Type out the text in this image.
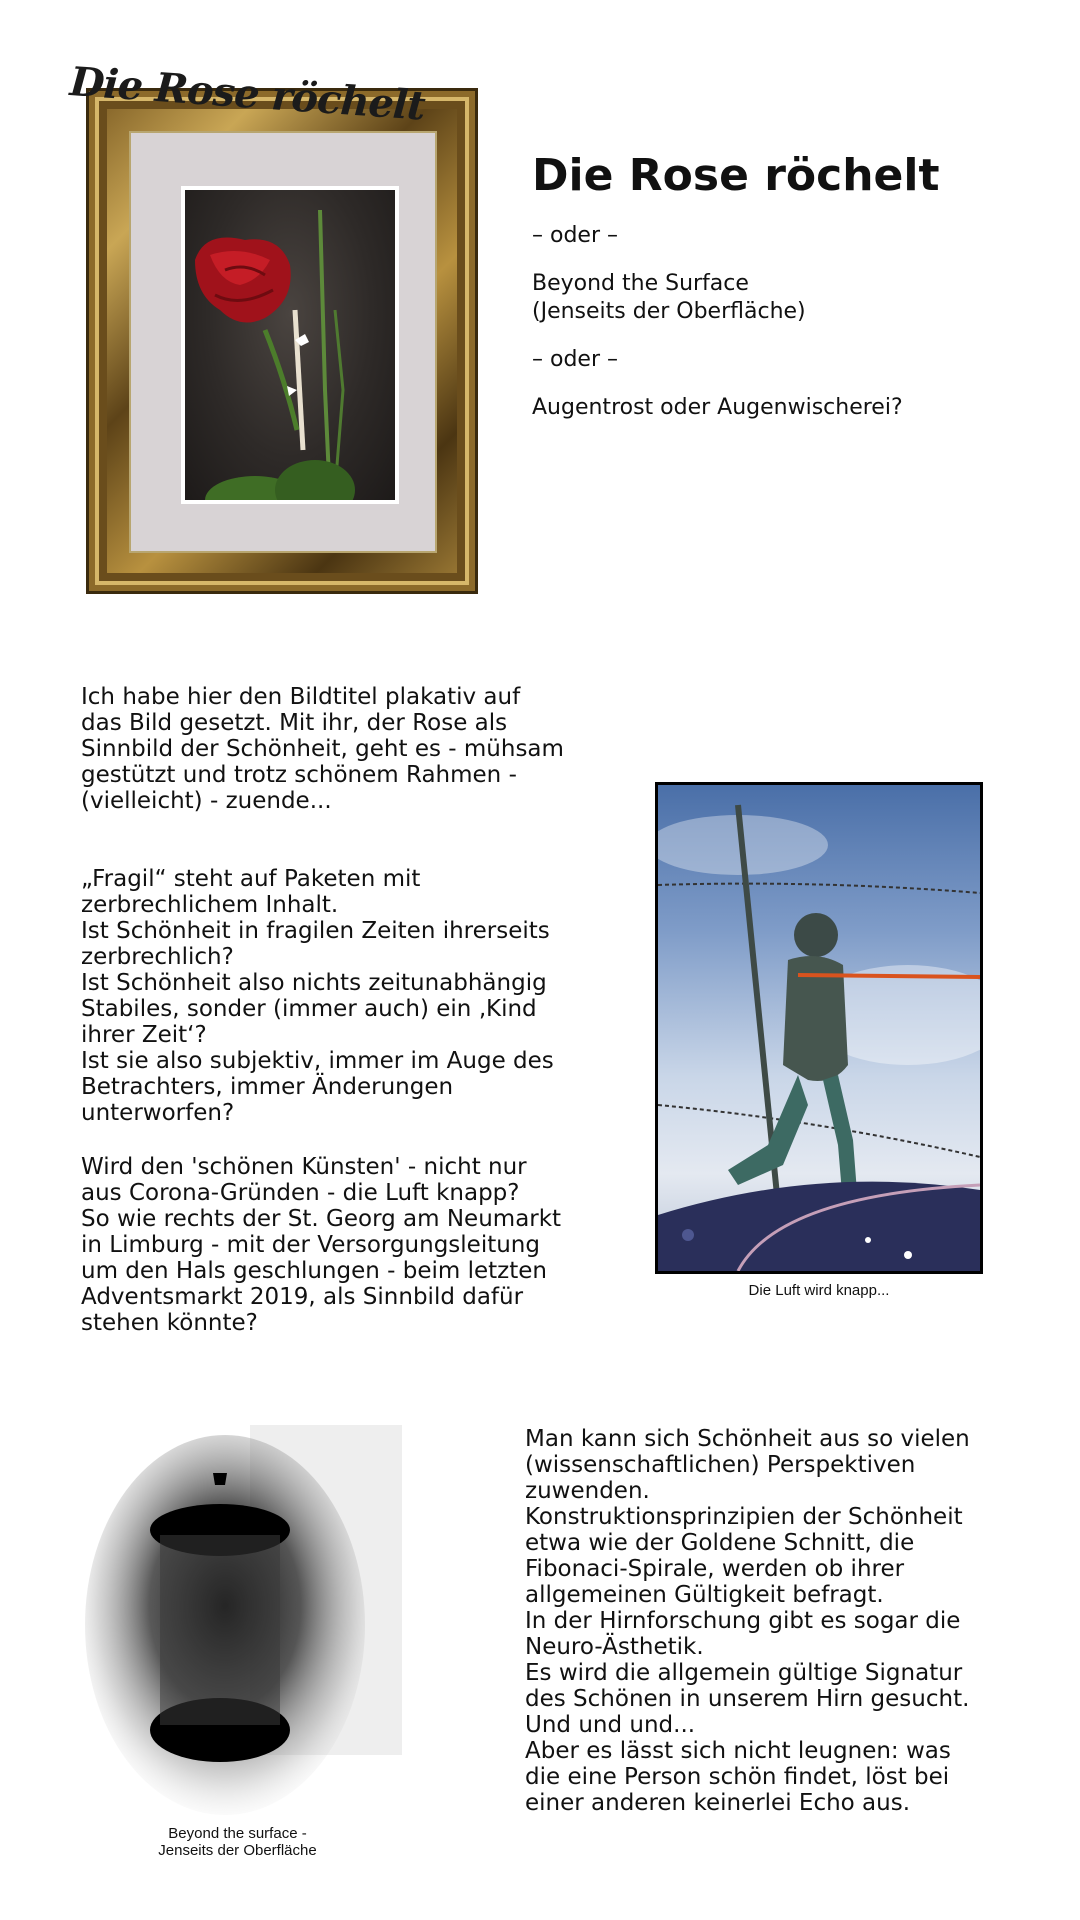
Die Rose röchelt
Die Rose röchelt
– oder –
Beyond the Surface
(Jenseits der Oberfläche)
– oder –
Augentrost oder Augenwischerei?
Ich habe hier den Bildtitel plakativ auf
das Bild gesetzt. Mit ihr, der Rose als
Sinnbild der Schönheit, geht es - mühsam
gestützt und trotz schönem Rahmen -
(vielleicht) - zuende...
„Fragil“ steht auf Paketen mit
zerbrechlichem Inhalt.
Ist Schönheit in fragilen Zeiten ihrerseits
zerbrechlich?
Ist Schönheit also nichts zeitunabhängig
Stabiles, sonder (immer auch) ein ‚Kind
ihrer Zeit‘?
Ist sie also subjektiv, immer im Auge des
Betrachters, immer Änderungen
unterworfen?
Wird den 'schönen Künsten' - nicht nur
aus Corona-Gründen - die Luft knapp?
So wie rechts der St. Georg am Neumarkt
in Limburg - mit der Versorgungsleitung
um den Hals geschlungen - beim letzten
Adventsmarkt 2019, als Sinnbild dafür
stehen könnte?
Die Luft wird knapp...
Beyond the surface -
Jenseits der Oberfläche
Man kann sich Schönheit aus so vielen
(wissenschaftlichen) Perspektiven
zuwenden.
Konstruktionsprinzipien der Schönheit
etwa wie der Goldene Schnitt, die
Fibonaci-Spirale, werden ob ihrer
allgemeinen Gültigkeit befragt.
In der Hirnforschung gibt es sogar die
Neuro-Ästhetik.
Es wird die allgemein gültige Signatur
des Schönen in unserem Hirn gesucht.
Und und und...
Aber es lässt sich nicht leugnen: was
die eine Person schön findet, löst bei
einer anderen keinerlei Echo aus.
